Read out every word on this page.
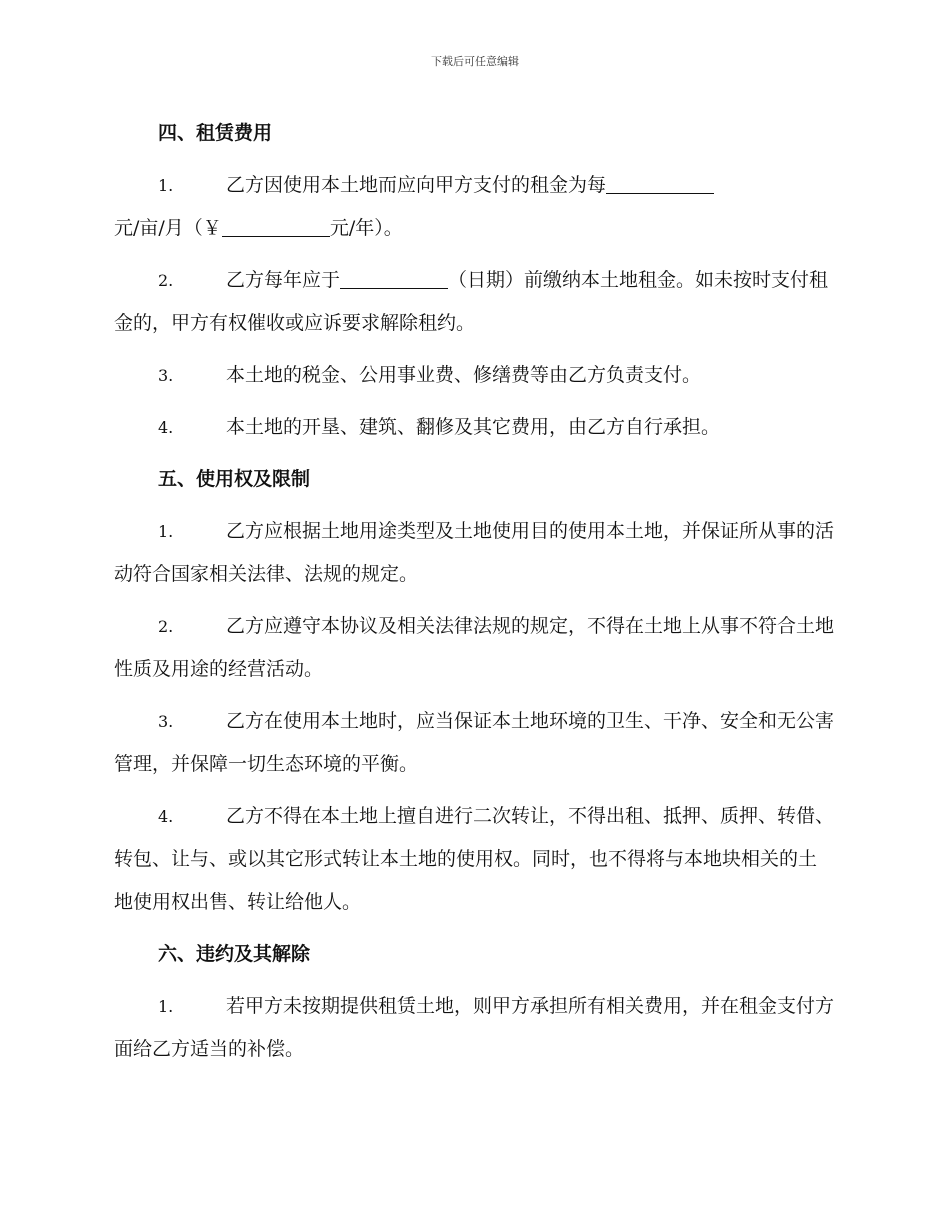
下载后可任意编辑
四、租赁费用
1.	乙方因使用本土地而应向甲方支付的租金为每
元/亩/月（￥	元/年）。
2.	乙方每年应于	（日期）前缴纳本土地租金。如未按时支付租金的，甲方有权催收或应诉要求解除租约。
3.	本土地的税金、公用事业费、修缮费等由乙方负责支付。
4.	本土地的开垦、建筑、翻修及其它费用，由乙方自行承担。
五、使用权及限制
1.	乙方应根据土地用途类型及土地使用目的使用本土地，并保证所从事的活动符合国家相关法律、法规的规定。
2.	乙方应遵守本协议及相关法律法规的规定，不得在土地上从事不符合土地性质及用途的经营活动。
3.	乙方在使用本土地时，应当保证本土地环境的卫生、干净、安全和无公害管理，并保障一切生态环境的平衡。
4.	乙方不得在本土地上擅自进行二次转让，不得出租、抵押、质押、转借、转包、让与、或以其它形式转让本土地的使用权。同时，也不得将与本地块相关的土地使用权出售、转让给他人。
六、违约及其解除
1.	若甲方未按期提供租赁土地，则甲方承担所有相关费用，并在租金支付方面给乙方适当的补偿。
